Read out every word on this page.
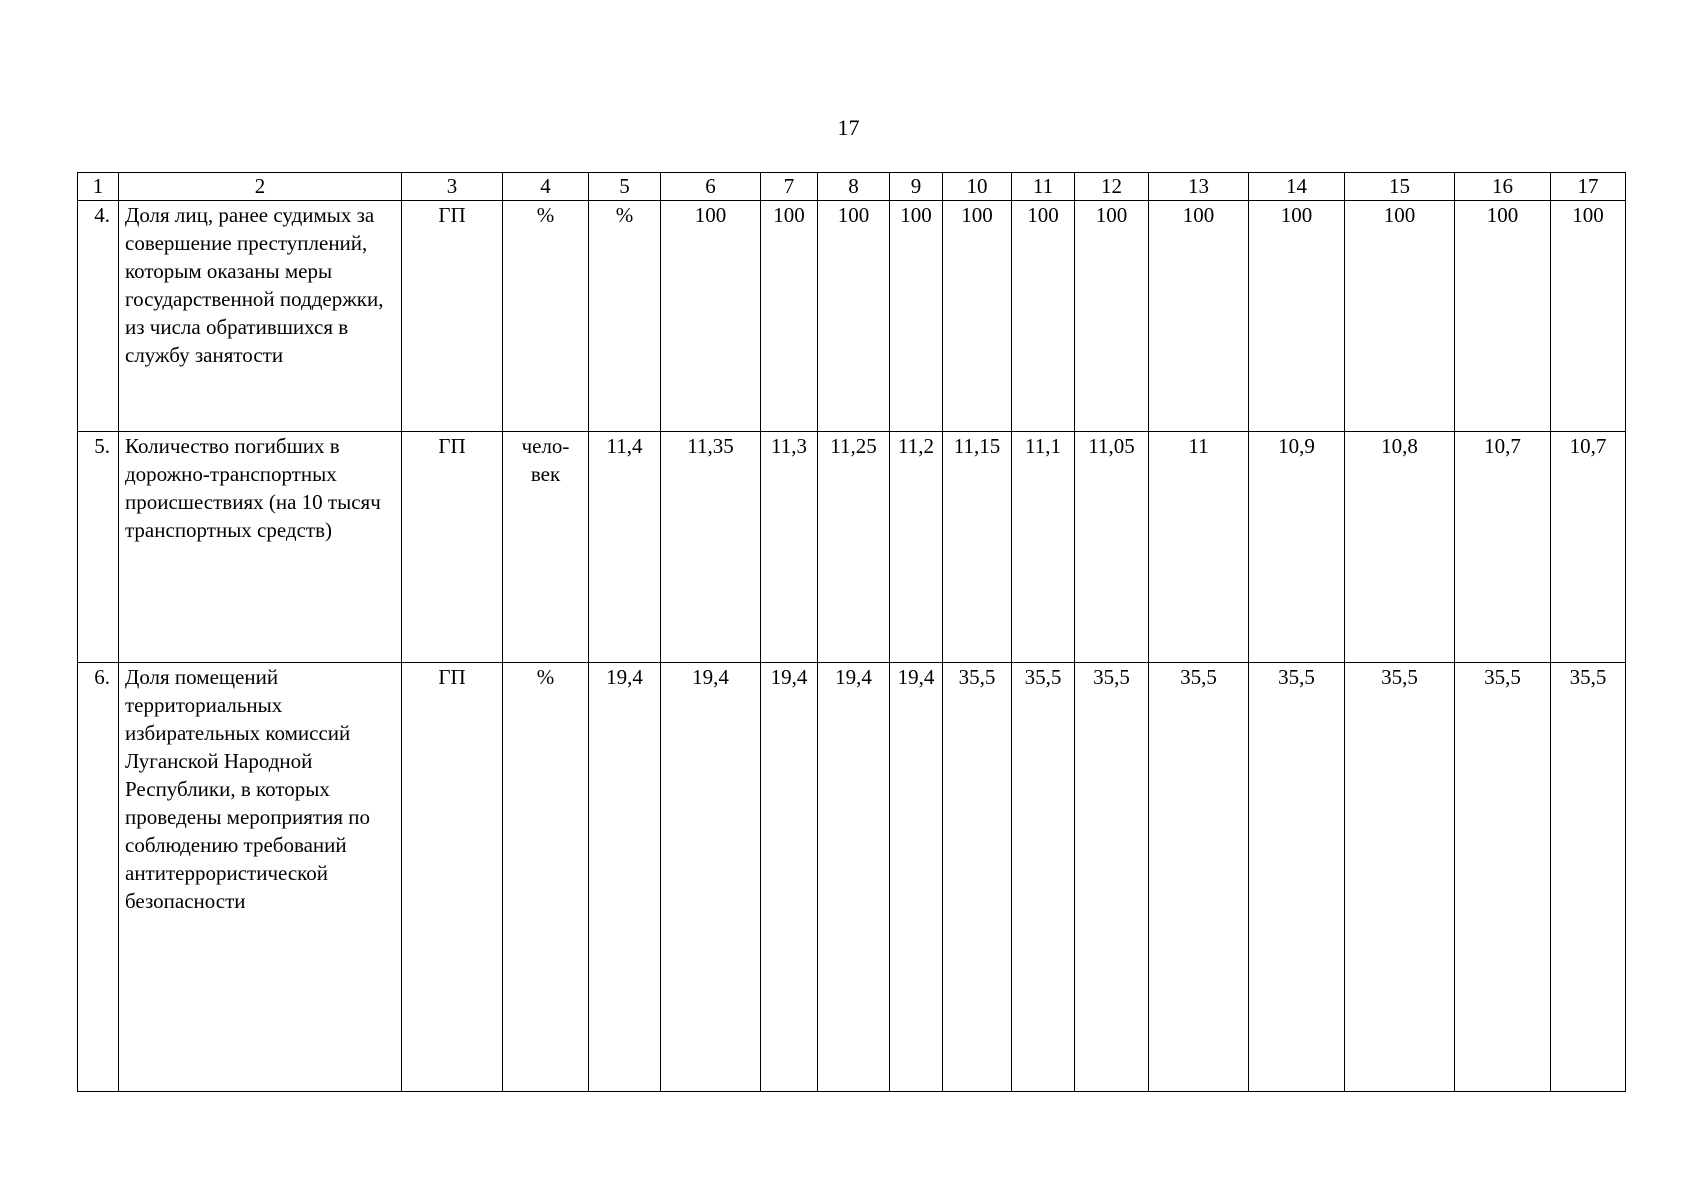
17
1	2	3	4	5	6	7	8	9	10	11	12	13	14	15	16	17
4.	Доля лиц, ранее судимых за совершение преступлений, которым оказаны меры государственной поддержки, из числа обратившихся в службу занятости	ГП	%	%	100	100	100	100	100	100	100	100	100	100	100	100
5.	Количество погибших в дорожно-транспортных происшествиях (на 10 тысяч транспортных средств)	ГП	чело-век	11,4	11,35	11,3	11,25	11,2	11,15	11,1	11,05	11	10,9	10,8	10,7	10,7
6.	Доля помещений территориальных избирательных комиссий Луганской Народной Республики, в которых проведены мероприятия по соблюдению требований антитеррористической безопасности	ГП	%	19,4	19,4	19,4	19,4	19,4	35,5	35,5	35,5	35,5	35,5	35,5	35,5	35,5
